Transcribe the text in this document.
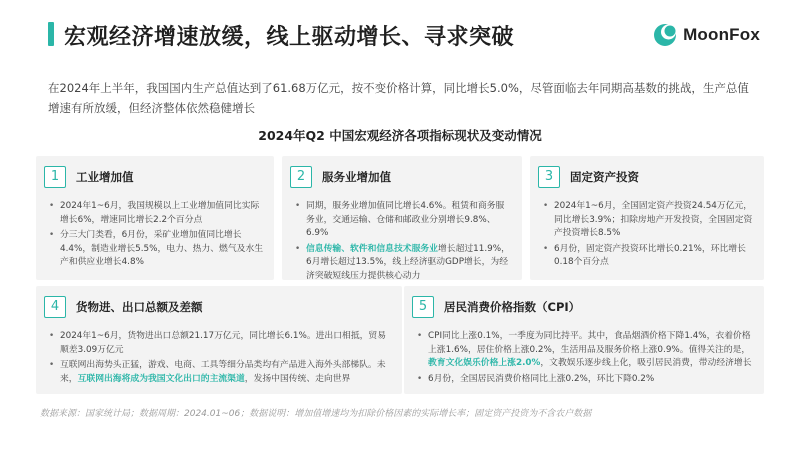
宏观经济增速放缓，线上驱动增长、寻求突破	MoonFox
在2024年上半年，我国国内生产总值达到了61.68万亿元，按不变价格计算，同比增长5.0%，尽管面临去年同期高基数的挑战，生产总值增速有所放缓，但经济整体依然稳健增长
2024年Q2 中国宏观经济各项指标现状及变动情况
1	工业增加值
• 2024年1~6月，我国规模以上工业增加值同比实际增长6%，增速同比增长2.2个百分点
• 分三大门类看，6月份，采矿业增加值同比增长4.4%，制造业增长5.5%，电力、热力、燃气及水生产和供应业增长4.8%
2	服务业增加值
• 同期，服务业增加值同比增长4.6%。租赁和商务服务业，交通运输、仓储和邮政业分别增长9.8%、6.9%
• 信息传输、软件和信息技术服务业增长超过11.9%，6月增长超过13.5%，线上经济驱动GDP增长，为经济突破短线压力提供核心动力
3	固定资产投资
• 2024年1~6月，全国固定资产投资24.54万亿元，同比增长3.9%；扣除房地产开发投资，全国固定资产投资增长8.5%
• 6月份，固定资产投资环比增长0.21%，环比增长0.18个百分点
4	货物进、出口总额及差额
• 2024年1~6月，货物进出口总额21.17万亿元，同比增长6.1%。进出口相抵，贸易顺差3.09万亿元
• 互联网出海势头正猛，游戏、电商、工具等细分品类均有产品进入海外头部梯队。未来，互联网出海将成为我国文化出口的主流渠道，发扬中国传统、走向世界
5	居民消费价格指数（CPI）
• CPI同比上涨0.1%，一季度为同比持平。其中，食品烟酒价格下降1.4%，衣着价格上涨1.6%，居住价格上涨0.2%，生活用品及服务价格上涨0.9%。值得关注的是，教育文化娱乐价格上涨2.0%，文教娱乐逐步线上化，吸引居民消费，带动经济增长
• 6月份，全国居民消费价格同比上涨0.2%，环比下降0.2%
数据来源：国家统计局；数据周期：2024.01~06；数据说明：增加值增速均为扣除价格因素的实际增长率；固定资产投资为不含农户数据
